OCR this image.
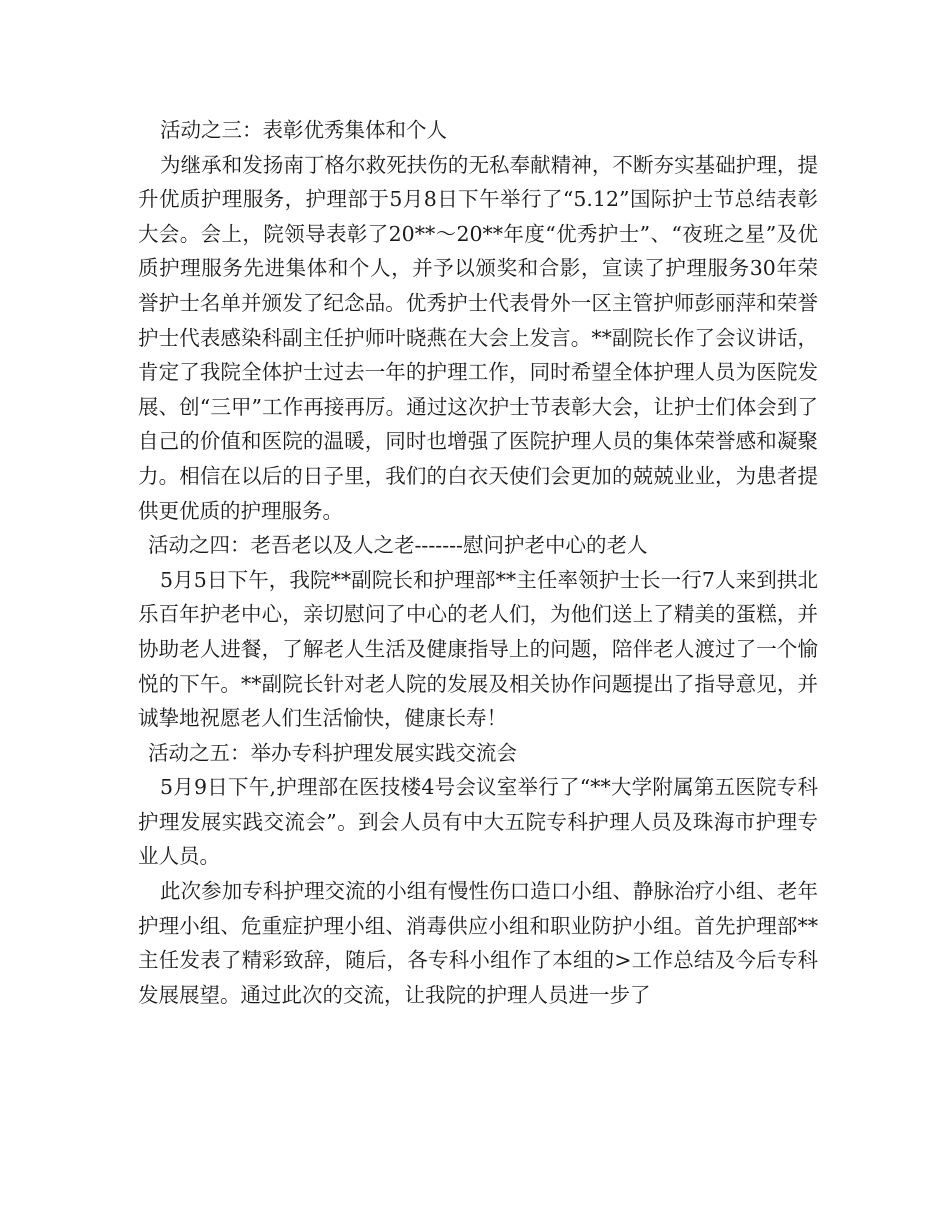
活动之三：表彰优秀集体和个人

为继承和发扬南丁格尔救死扶伤的无私奉献精神，不断夯实基础护理，提升优质护理服务，护理部于5月8日下午举行了“5.12”国际护士节总结表彰大会。会上，院领导表彰了20**～20**年度“优秀护士”、“夜班之星”及优质护理服务先进集体和个人，并予以颁奖和合影，宣读了护理服务30年荣誉护士名单并颁发了纪念品。优秀护士代表骨外一区主管护师彭丽萍和荣誉护士代表感染科副主任护师叶晓燕在大会上发言。**副院长作了会议讲话，肯定了我院全体护士过去一年的护理工作，同时希望全体护理人员为医院发展、创“三甲”工作再接再厉。通过这次护士节表彰大会，让护士们体会到了自己的价值和医院的温暖，同时也增强了医院护理人员的集体荣誉感和凝聚力。相信在以后的日子里，我们的白衣天使们会更加的兢兢业业，为患者提供更优质的护理服务。

活动之四：老吾老以及人之老-------慰问护老中心的老人

5月5日下午，我院**副院长和护理部**主任率领护士长一行7人来到拱北乐百年护老中心，亲切慰问了中心的老人们，为他们送上了精美的蛋糕，并协助老人进餐，了解老人生活及健康指导上的问题，陪伴老人渡过了一个愉悦的下午。**副院长针对老人院的发展及相关协作问题提出了指导意见，并诚挚地祝愿老人们生活愉快，健康长寿！

活动之五：举办专科护理发展实践交流会

5月9日下午,护理部在医技楼4号会议室举行了“**大学附属第五医院专科护理发展实践交流会”。到会人员有中大五院专科护理人员及珠海市护理专业人员。

此次参加专科护理交流的小组有慢性伤口造口小组、静脉治疗小组、老年护理小组、危重症护理小组、消毒供应小组和职业防护小组。首先护理部**主任发表了精彩致辞，随后，各专科小组作了本组的>工作总结及今后专科发展展望。通过此次的交流，让我院的护理人员进一步了
